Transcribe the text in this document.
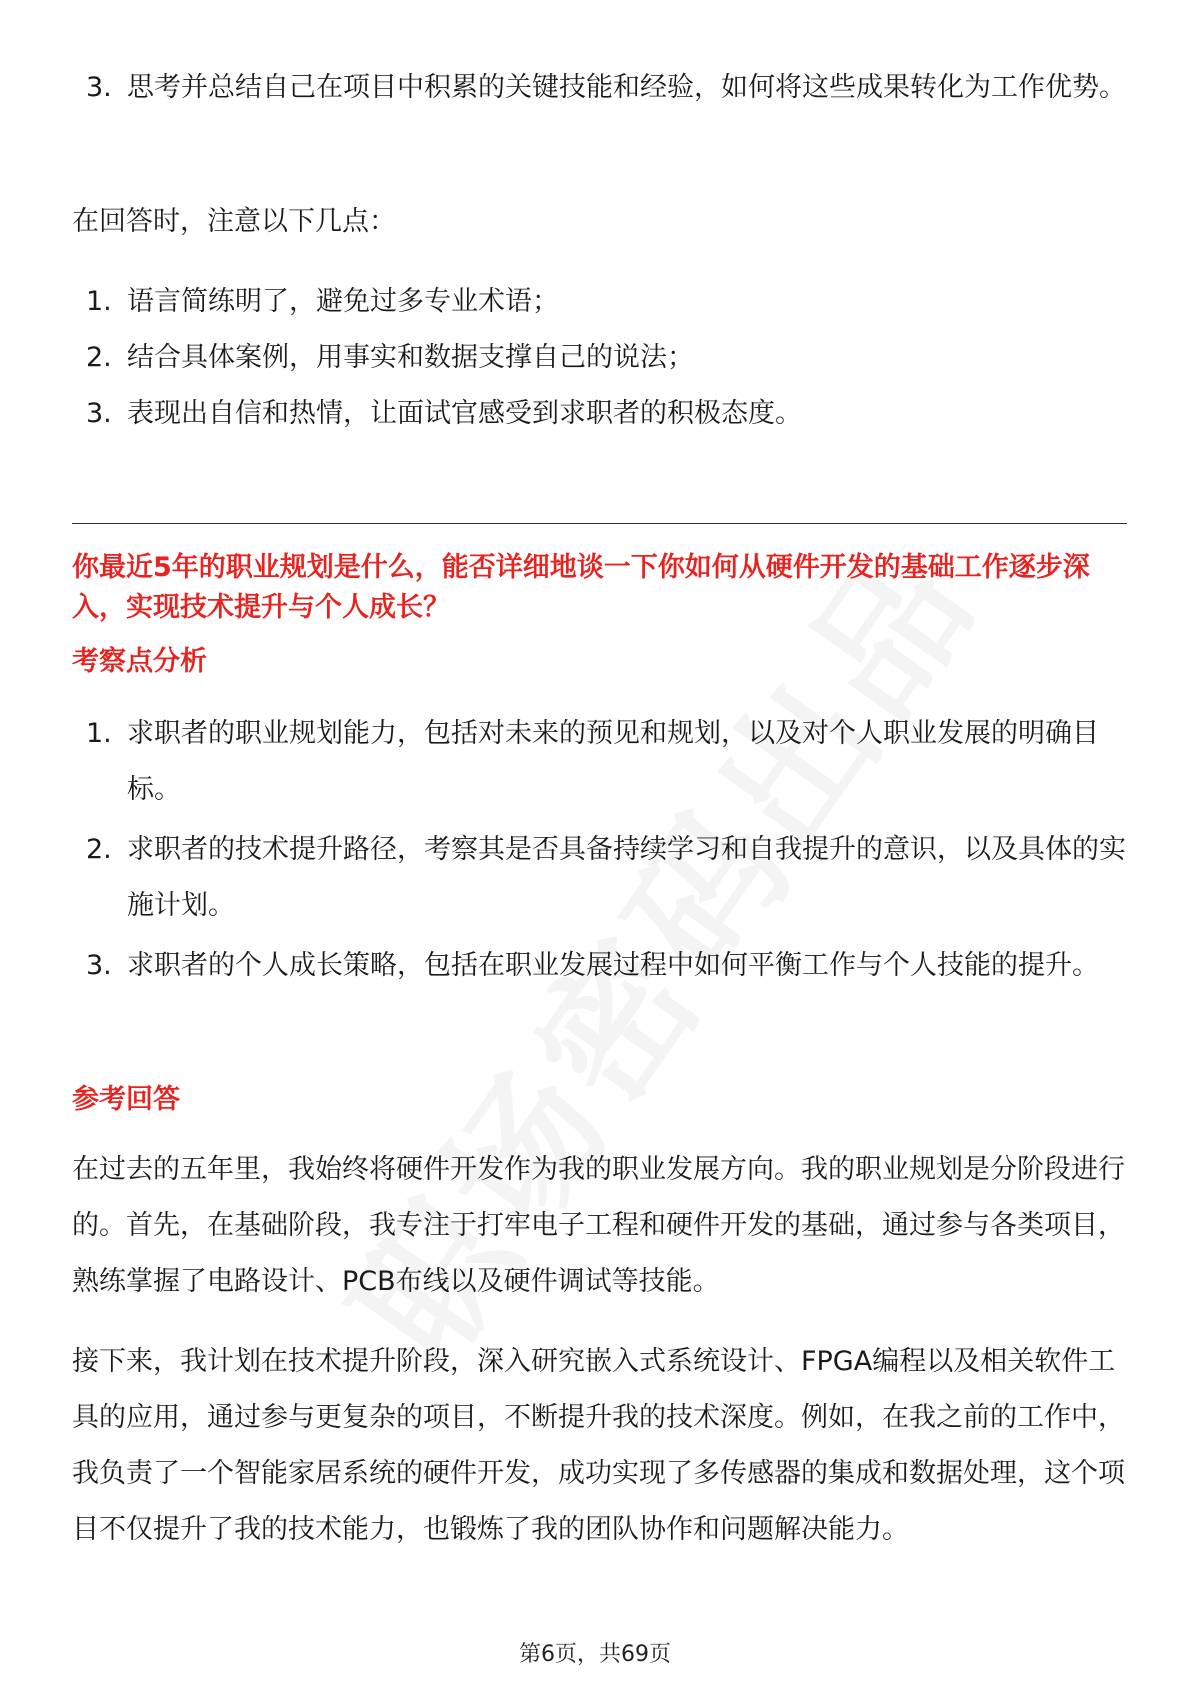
3. 思考并总结自己在项目中积累的关键技能和经验，如何将这些成果转化为工作优势。
在回答时，注意以下几点：
1. 语言简练明了，避免过多专业术语；
2. 结合具体案例，用事实和数据支撑自己的说法；
3. 表现出自信和热情，让面试官感受到求职者的积极态度。
你最近5年的职业规划是什么，能否详细地谈一下你如何从硬件开发的基础工作逐步深入，实现技术提升与个人成长？
考察点分析
1. 求职者的职业规划能力，包括对未来的预见和规划，以及对个人职业发展的明确目标。
2. 求职者的技术提升路径，考察其是否具备持续学习和自我提升的意识，以及具体的实施计划。
3. 求职者的个人成长策略，包括在职业发展过程中如何平衡工作与个人技能的提升。
参考回答
在过去的五年里，我始终将硬件开发作为我的职业发展方向。我的职业规划是分阶段进行的。首先，在基础阶段，我专注于打牢电子工程和硬件开发的基础，通过参与各类项目，熟练掌握了电路设计、PCB布线以及硬件调试等技能。
接下来，我计划在技术提升阶段，深入研究嵌入式系统设计、FPGA编程以及相关软件工具的应用，通过参与更复杂的项目，不断提升我的技术深度。例如，在我之前的工作中，我负责了一个智能家居系统的硬件开发，成功实现了多传感器的集成和数据处理，这个项目不仅提升了我的技术能力，也锻炼了我的团队协作和问题解决能力。
第6页，共69页
